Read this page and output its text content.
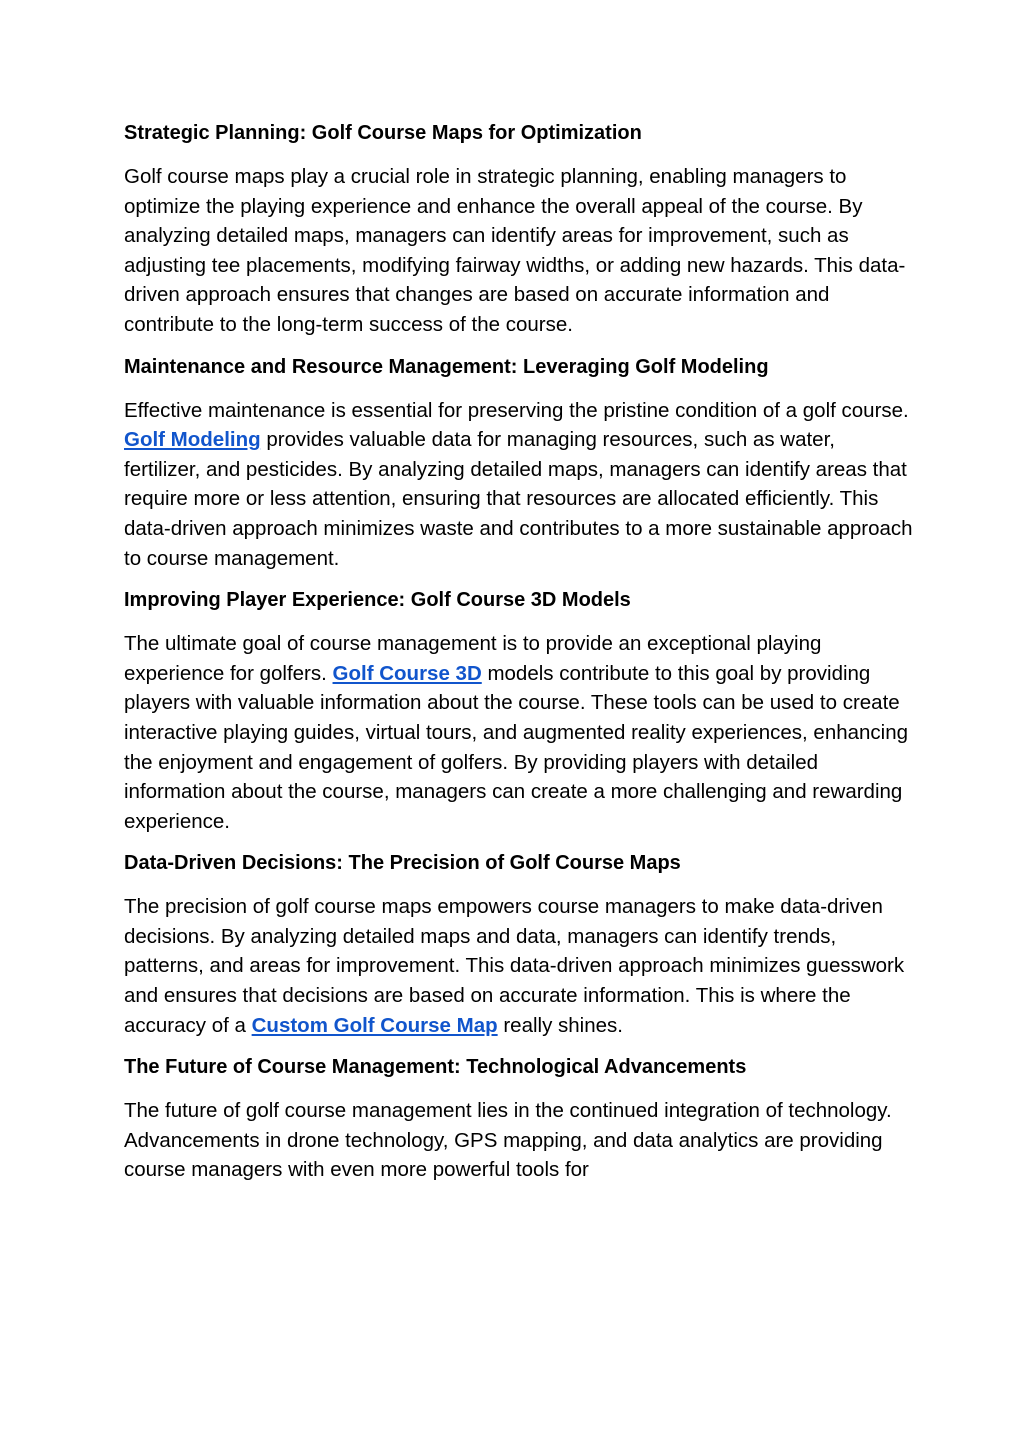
Strategic Planning: Golf Course Maps for Optimization

Golf course maps play a crucial role in strategic planning, enabling managers to optimize the playing experience and enhance the overall appeal of the course. By analyzing detailed maps, managers can identify areas for improvement, such as adjusting tee placements, modifying fairway widths, or adding new hazards. This data-driven approach ensures that changes are based on accurate information and contribute to the long-term success of the course.

Maintenance and Resource Management: Leveraging Golf Modeling

Effective maintenance is essential for preserving the pristine condition of a golf course. Golf Modeling provides valuable data for managing resources, such as water, fertilizer, and pesticides. By analyzing detailed maps, managers can identify areas that require more or less attention, ensuring that resources are allocated efficiently. This data-driven approach minimizes waste and contributes to a more sustainable approach to course management.

Improving Player Experience: Golf Course 3D Models

The ultimate goal of course management is to provide an exceptional playing experience for golfers. Golf Course 3D models contribute to this goal by providing players with valuable information about the course. These tools can be used to create interactive playing guides, virtual tours, and augmented reality experiences, enhancing the enjoyment and engagement of golfers. By providing players with detailed information about the course, managers can create a more challenging and rewarding experience.

Data-Driven Decisions: The Precision of Golf Course Maps

The precision of golf course maps empowers course managers to make data-driven decisions. By analyzing detailed maps and data, managers can identify trends, patterns, and areas for improvement. This data-driven approach minimizes guesswork and ensures that decisions are based on accurate information. This is where the accuracy of a Custom Golf Course Map really shines.

The Future of Course Management: Technological Advancements

The future of golf course management lies in the continued integration of technology. Advancements in drone technology, GPS mapping, and data analytics are providing course managers with even more powerful tools for
